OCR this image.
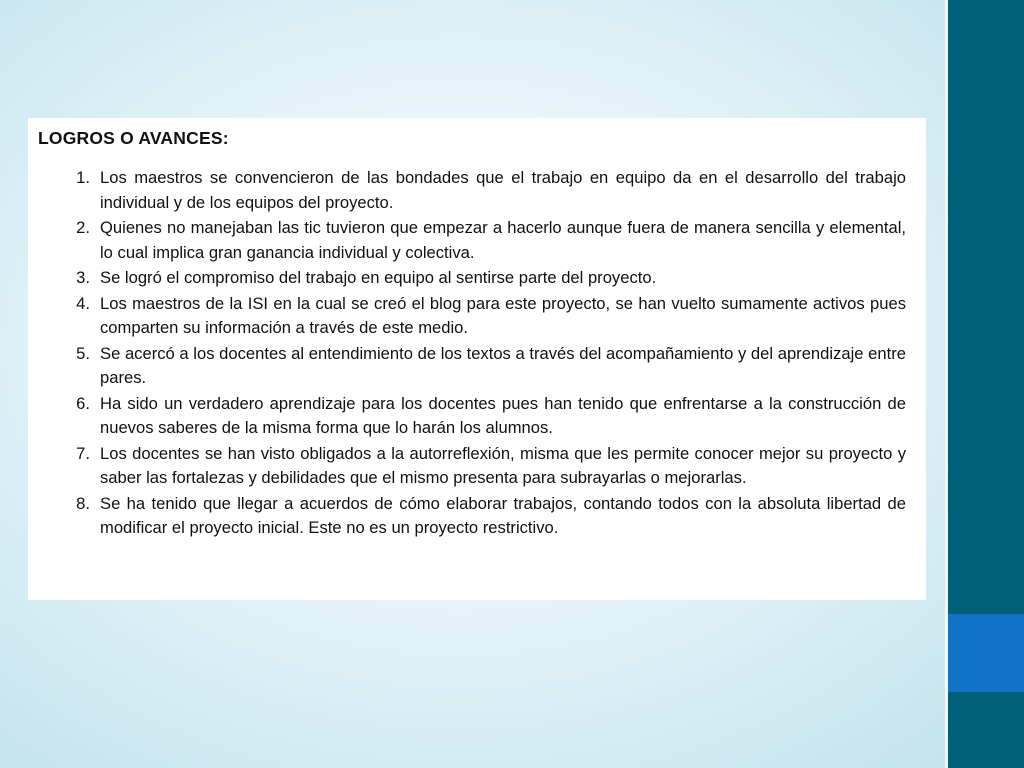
LOGROS O AVANCES:
1. Los maestros se convencieron de las bondades que el trabajo en equipo da en el desarrollo del trabajo individual y de los equipos del proyecto.
2. Quienes no manejaban las tic tuvieron que empezar a hacerlo aunque fuera de manera sencilla y elemental, lo cual implica gran ganancia individual y colectiva.
3. Se logró el compromiso del trabajo en equipo al sentirse parte del proyecto.
4. Los maestros de la ISI en la cual se creó el blog para este proyecto, se han vuelto sumamente activos pues comparten su información a través de este medio.
5. Se acercó a los docentes al entendimiento de los textos a través del acompañamiento y del aprendizaje entre pares.
6. Ha sido un verdadero aprendizaje para los docentes pues han tenido que enfrentarse a la construcción de nuevos saberes de la misma forma que lo harán los alumnos.
7. Los docentes se han visto obligados a la autorreflexión, misma que les permite conocer mejor su proyecto y saber las fortalezas y debilidades que el mismo presenta para subrayarlas o mejorarlas.
8. Se ha tenido que llegar a acuerdos de cómo elaborar trabajos, contando todos con la absoluta libertad de modificar el proyecto inicial. Este no es un proyecto restrictivo.
